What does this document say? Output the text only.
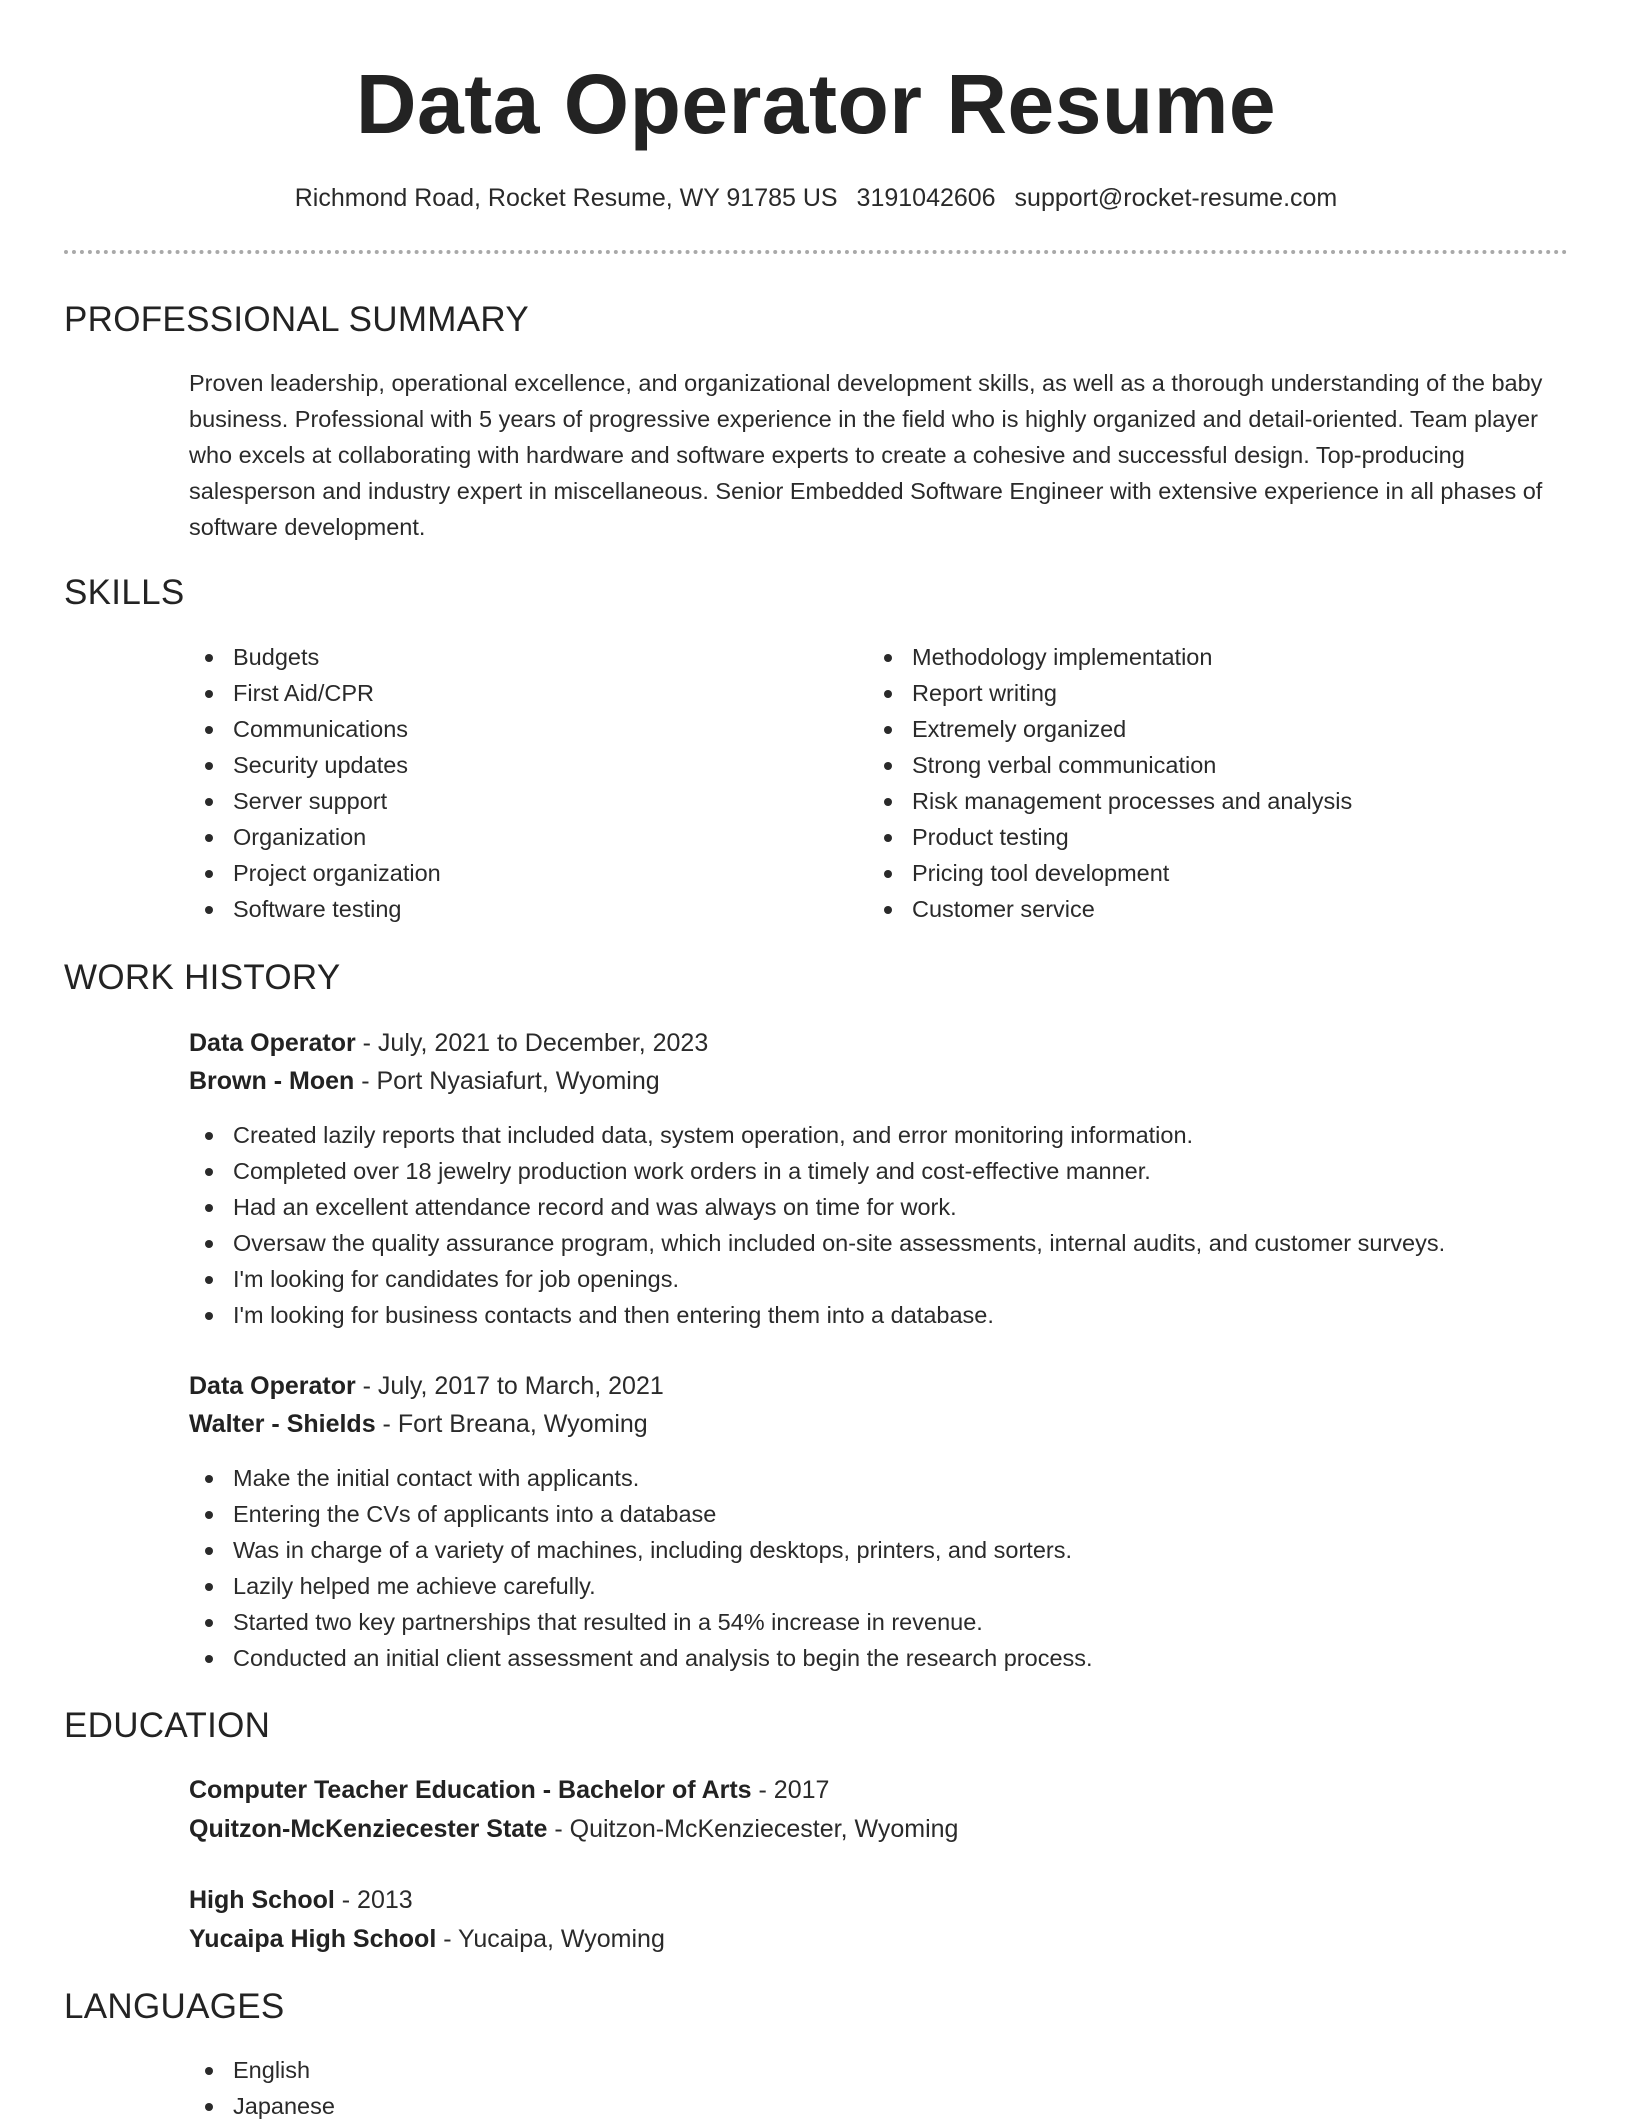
Data Operator Resume
Richmond Road, Rocket Resume, WY 91785 US 3191042606 support@rocket-resume.com
PROFESSIONAL SUMMARY
Proven leadership, operational excellence, and organizational development skills, as well as a thorough understanding of the baby business. Professional with 5 years of progressive experience in the field who is highly organized and detail-oriented. Team player who excels at collaborating with hardware and software experts to create a cohesive and successful design. Top-producing salesperson and industry expert in miscellaneous. Senior Embedded Software Engineer with extensive experience in all phases of software development.
SKILLS
Budgets
First Aid/CPR
Communications
Security updates
Server support
Organization
Project organization
Software testing
Methodology implementation
Report writing
Extremely organized
Strong verbal communication
Risk management processes and analysis
Product testing
Pricing tool development
Customer service
WORK HISTORY
Data Operator - July, 2021 to December, 2023
Brown - Moen - Port Nyasiafurt, Wyoming
Created lazily reports that included data, system operation, and error monitoring information.
Completed over 18 jewelry production work orders in a timely and cost-effective manner.
Had an excellent attendance record and was always on time for work.
Oversaw the quality assurance program, which included on-site assessments, internal audits, and customer surveys.
I'm looking for candidates for job openings.
I'm looking for business contacts and then entering them into a database.
Data Operator - July, 2017 to March, 2021
Walter - Shields - Fort Breana, Wyoming
Make the initial contact with applicants.
Entering the CVs of applicants into a database
Was in charge of a variety of machines, including desktops, printers, and sorters.
Lazily helped me achieve carefully.
Started two key partnerships that resulted in a 54% increase in revenue.
Conducted an initial client assessment and analysis to begin the research process.
EDUCATION
Computer Teacher Education - Bachelor of Arts - 2017
Quitzon-McKenziecester State - Quitzon-McKenziecester, Wyoming
High School - 2013
Yucaipa High School - Yucaipa, Wyoming
LANGUAGES
English
Japanese
